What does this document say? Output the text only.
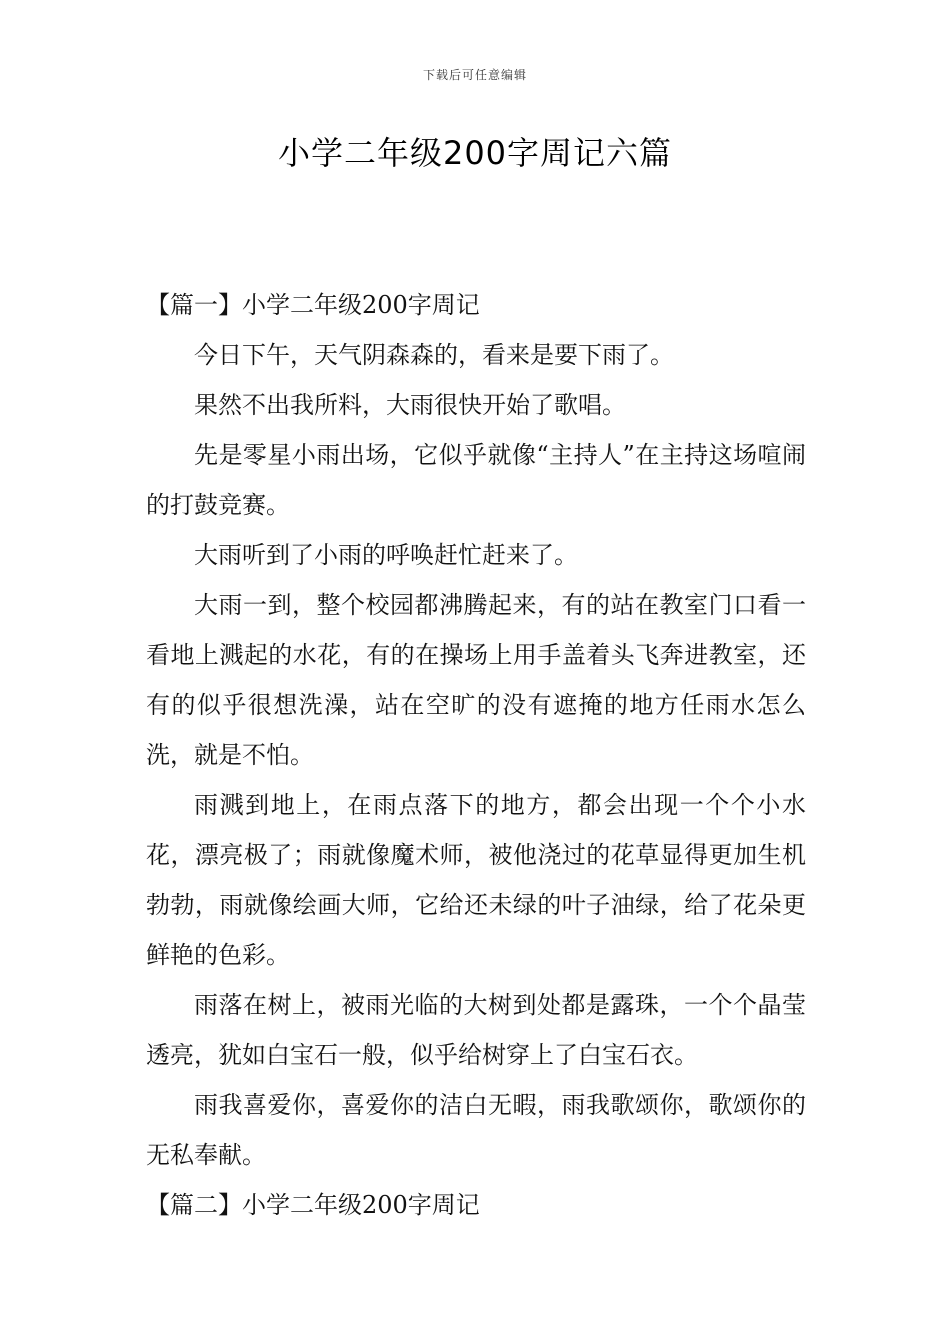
下载后可任意编辑
小学二年级200字周记六篇

【篇一】小学二年级200字周记

今日下午，天气阴森森的，看来是要下雨了。

果然不出我所料，大雨很快开始了歌唱。

先是零星小雨出场，它似乎就像“主持人”在主持这场喧闹的打鼓竞赛。

大雨听到了小雨的呼唤赶忙赶来了。

大雨一到，整个校园都沸腾起来，有的站在教室门口看一看地上溅起的水花，有的在操场上用手盖着头飞奔进教室，还有的似乎很想洗澡，站在空旷的没有遮掩的地方任雨水怎么洗，就是不怕。

雨溅到地上，在雨点落下的地方，都会出现一个个小水花，漂亮极了；雨就像魔术师，被他浇过的花草显得更加生机勃勃，雨就像绘画大师，它给还未绿的叶子油绿，给了花朵更鲜艳的色彩。

雨落在树上，被雨光临的大树到处都是露珠，一个个晶莹透亮，犹如白宝石一般，似乎给树穿上了白宝石衣。

雨我喜爱你，喜爱你的洁白无暇，雨我歌颂你，歌颂你的无私奉献。

【篇二】小学二年级200字周记
